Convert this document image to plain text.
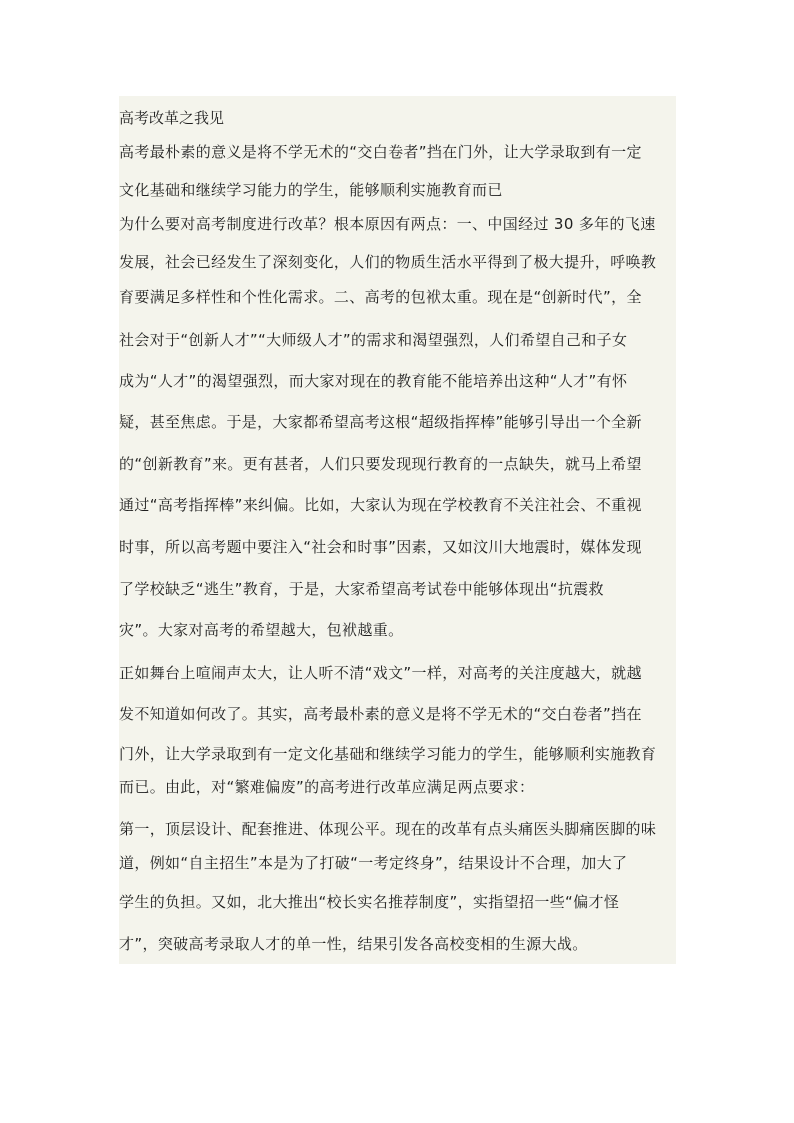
高考改革之我见
高考最朴素的意义是将不学无术的“交白卷者”挡在门外，让大学录取到有一定
文化基础和继续学习能力的学生，能够顺利实施教育而已
为什么要对高考制度进行改革？根本原因有两点：一、中国经过 30 多年的飞速
发展，社会已经发生了深刻变化，人们的物质生活水平得到了极大提升，呼唤教
育要满足多样性和个性化需求。二、高考的包袱太重。现在是“创新时代”，全
社会对于“创新人才”“大师级人才”的需求和渴望强烈，人们希望自己和子女
成为“人才”的渴望强烈，而大家对现在的教育能不能培养出这种“人才”有怀
疑，甚至焦虑。于是，大家都希望高考这根“超级指挥棒”能够引导出一个全新
的“创新教育”来。更有甚者，人们只要发现现行教育的一点缺失，就马上希望
通过“高考指挥棒”来纠偏。比如，大家认为现在学校教育不关注社会、不重视
时事，所以高考题中要注入“社会和时事”因素，又如汶川大地震时，媒体发现
了学校缺乏“逃生”教育，于是，大家希望高考试卷中能够体现出“抗震救
灾”。大家对高考的希望越大，包袱越重。
正如舞台上喧闹声太大，让人听不清“戏文”一样，对高考的关注度越大，就越
发不知道如何改了。其实，高考最朴素的意义是将不学无术的“交白卷者”挡在
门外，让大学录取到有一定文化基础和继续学习能力的学生，能够顺利实施教育
而已。由此，对“繁难偏废”的高考进行改革应满足两点要求：
第一，顶层设计、配套推进、体现公平。现在的改革有点头痛医头脚痛医脚的味
道，例如“自主招生”本是为了打破“一考定终身”，结果设计不合理，加大了
学生的负担。又如，北大推出“校长实名推荐制度”，实指望招一些“偏才怪
才”，突破高考录取人才的单一性，结果引发各高校变相的生源大战。
